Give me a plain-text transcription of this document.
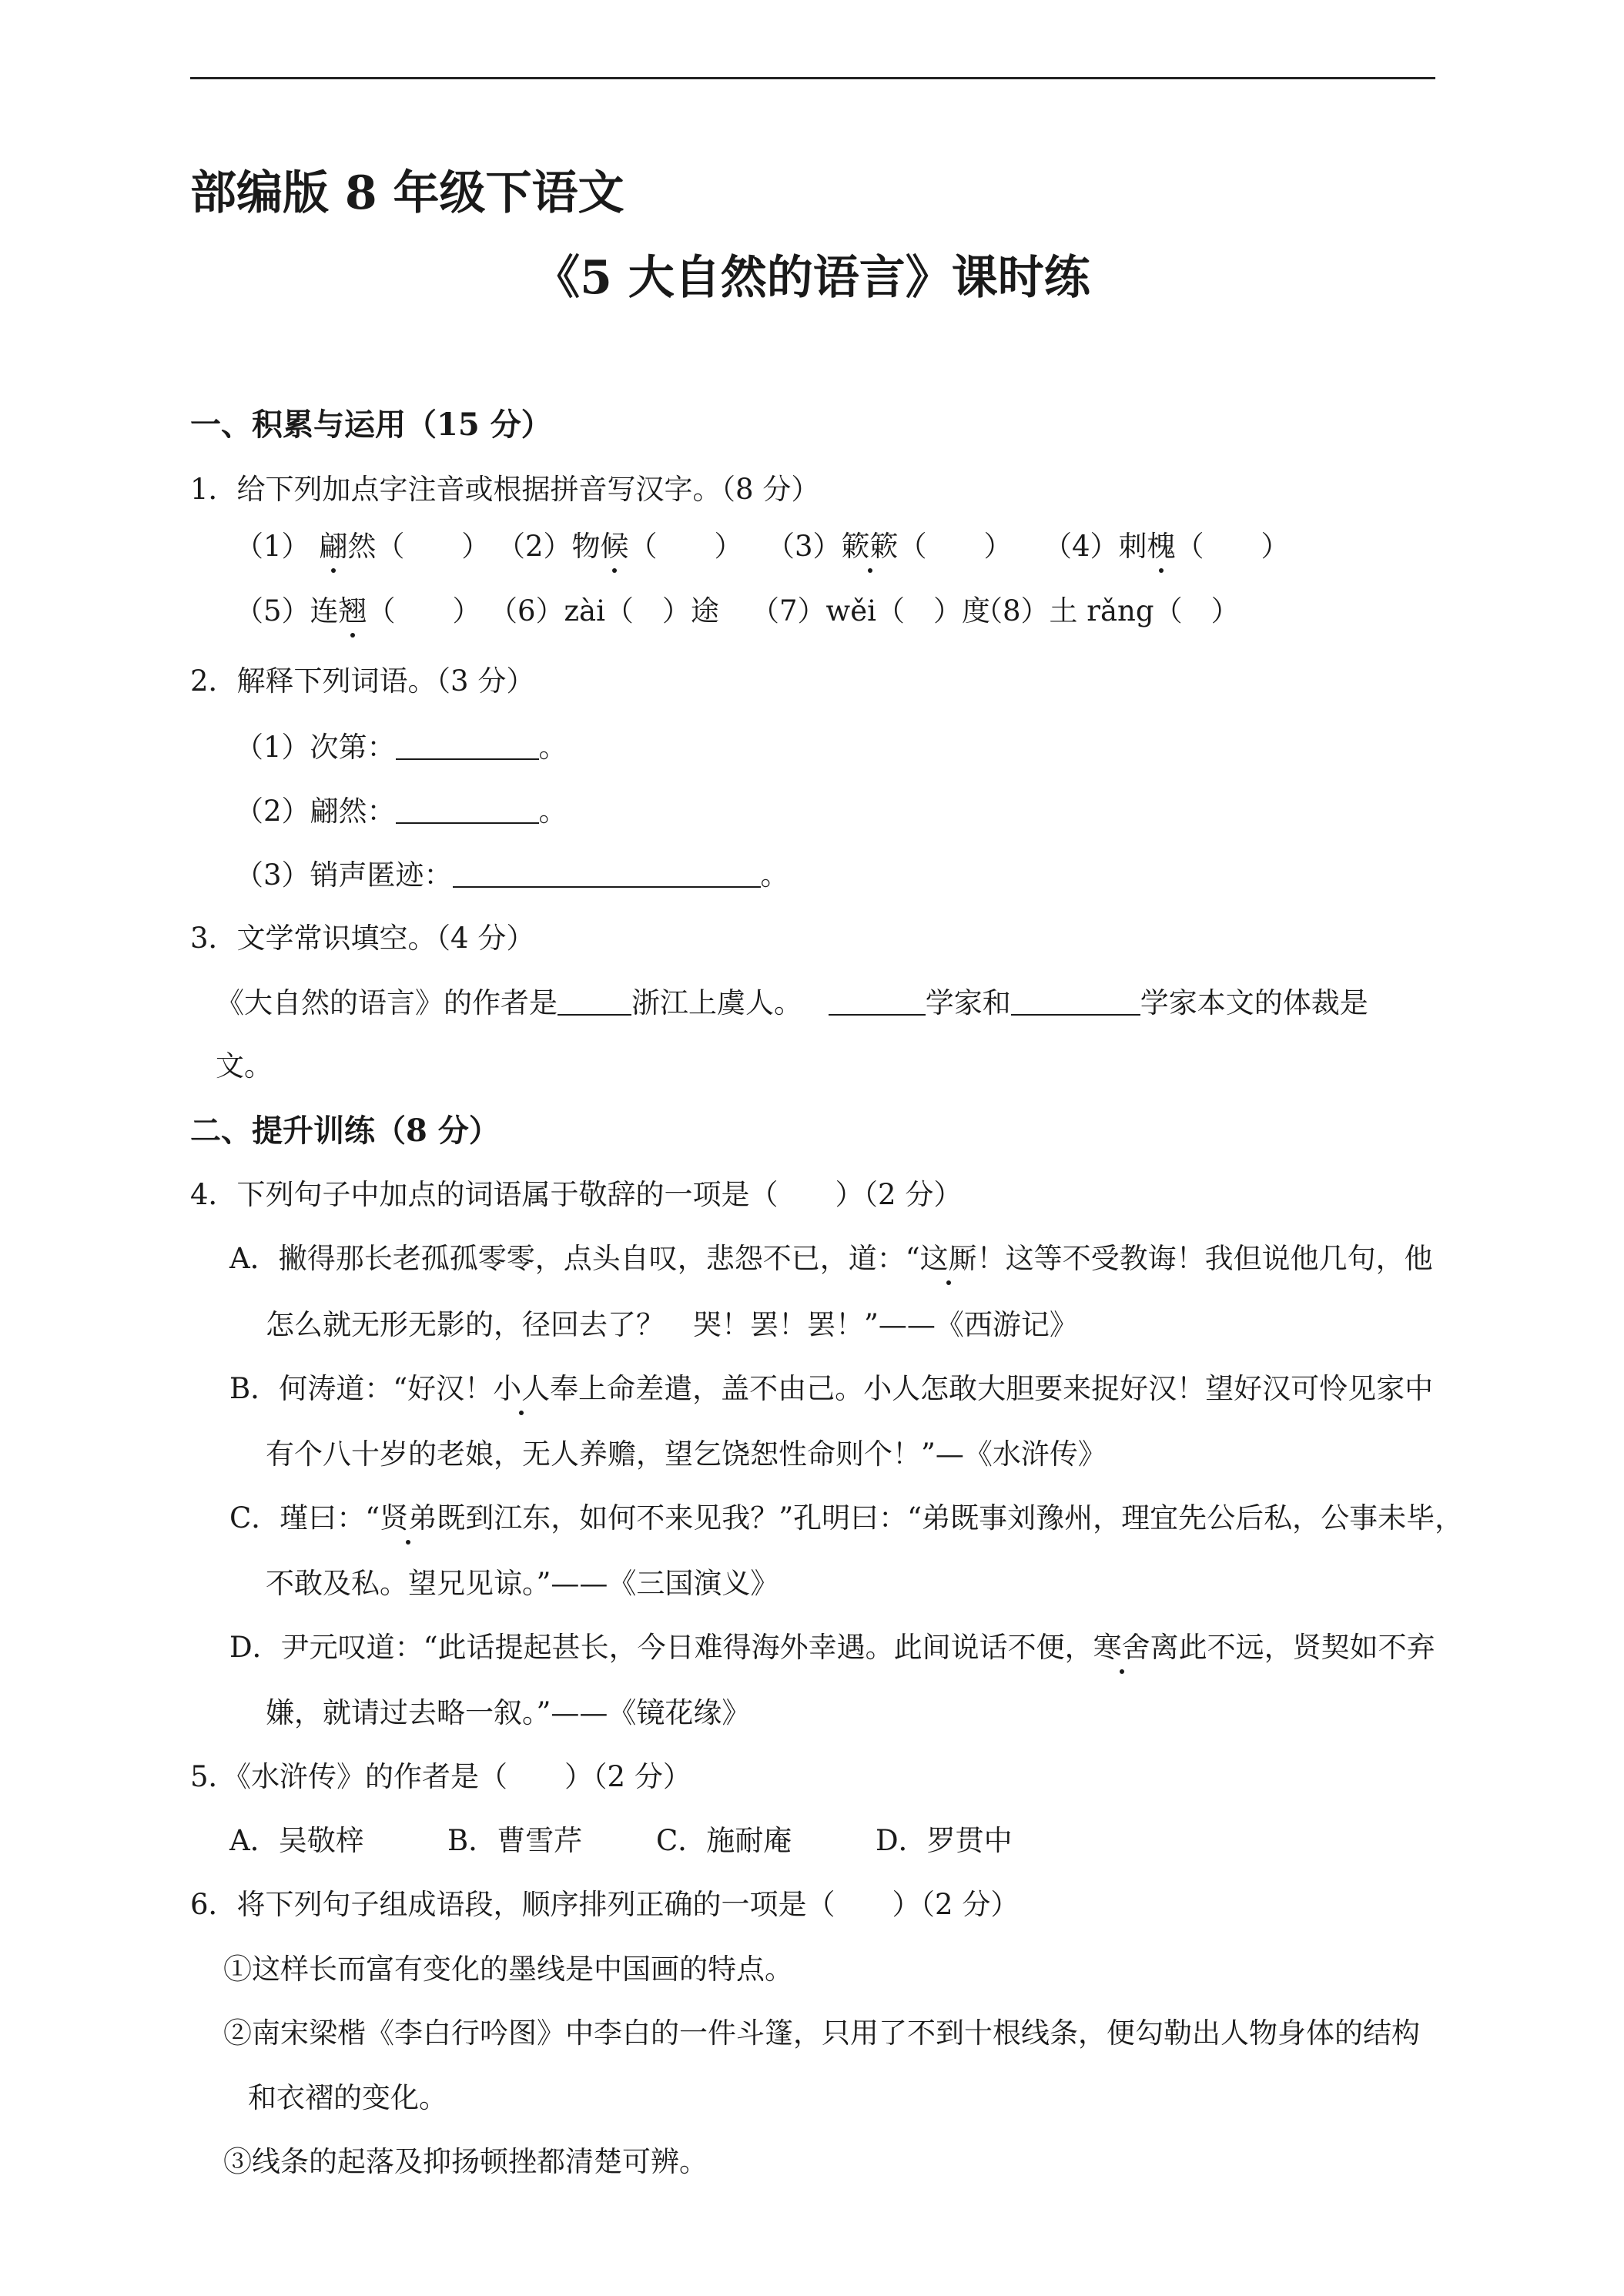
部编版 8 年级下语文
《5 大自然的语言》课时练
一、积累与运用（15 分）
1．给下列加点字注音或根据拼音写汉字。（8 分）
（1） 翩然（　　） （2）物候（　　） （3）簌簌（　　） （4）刺槐（　　）
（5）连翘（　　） （6）zài（　）途 （7）wěi（　）度（8）土 rǎng（　）
2．解释下列词语。（3 分）
（1）次第：	。
（2）翩然：	。
（3）销声匿迹：	。
3．文学常识填空。（4 分）
《大自然的语言》的作者是	浙江上虞人。	学家和	学家本文的体裁是
文。
二、提升训练（8 分）
4．下列句子中加点的词语属于敬辞的一项是（　　）（2 分）
A．撇得那长老孤孤零零，点头自叹，悲怨不已，道：“这厮！这等不受教诲！我但说他几句，他
怎么就无形无影的，径回去了？　哭！罢！罢！”——《西游记》
B．何涛道：“好汉！小人奉上命差遣，盖不由己。小人怎敢大胆要来捉好汉！望好汉可怜见家中
有个八十岁的老娘，无人养赡，望乞饶恕性命则个！”—《水浒传》
C．瑾曰：“贤弟既到江东，如何不来见我？”孔明曰：“弟既事刘豫州，理宜先公后私，公事未毕，
不敢及私。望兄见谅。”——《三国演义》
D．尹元叹道：“此话提起甚长，今日难得海外幸遇。此间说话不便，寒舍离此不远，贤契如不弃
嫌，就请过去略一叙。”——《镜花缘》
5．《水浒传》的作者是（　　）（2 分）
A．吴敬梓	B．曹雪芹	C．施耐庵	D．罗贯中
6．将下列句子组成语段，顺序排列正确的一项是（　　）（2 分）
①这样长而富有变化的墨线是中国画的特点。
②南宋梁楷《李白行吟图》中李白的一件斗篷，只用了不到十根线条，便勾勒出人物身体的结构
和衣褶的变化。
③线条的起落及抑扬顿挫都清楚可辨。
